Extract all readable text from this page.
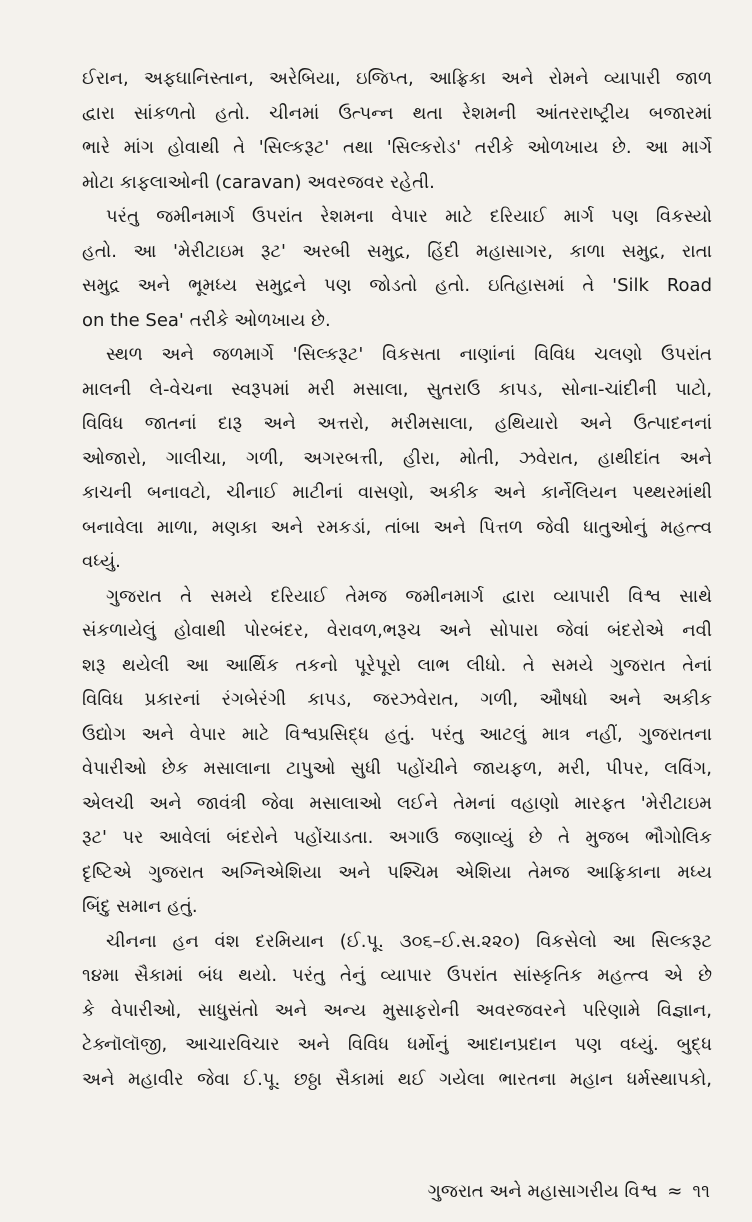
ઈરાન, અફઘાનિસ્તાન, અરેબિયા, ઇજિપ્ત, આફ્રિકા અને રોમને વ્યાપારી જાળ
દ્વારા સાંકળતો હતો. ચીનમાં ઉત્પન્ન થતા રેશમની આંતરરાષ્ટ્રીય બજારમાં
ભારે માંગ હોવાથી તે 'સિલ્કરૂટ' તથા 'સિલ્કરોડ' તરીકે ઓળખાય છે. આ માર્ગે
મોટા કાફલાઓની (caravan) અવરજવર રહેતી.
પરંતુ જમીનમાર્ગ ઉપરાંત રેશમના વેપાર માટે દરિયાઈ માર્ગ પણ વિકસ્યો
હતો. આ 'મેરીટાઇમ રૂટ' અરબી સમુદ્ર, હિંદી મહાસાગર, કાળા સમુદ્ર, રાતા
સમુદ્ર અને ભૂમધ્ય સમુદ્રને પણ જોડતો હતો. ઇતિહાસમાં તે 'Silk Road
on the Sea' તરીકે ઓળખાય છે.
સ્થળ અને જળમાર્ગે 'સિલ્કરૂટ' વિકસતા નાણાંનાં વિવિધ ચલણો ઉપરાંત
માલની લે-વેચના સ્વરૂપમાં મરી મસાલા, સુતરાઉ કાપડ, સોના-ચાંદીની પાટો,
વિવિધ જાતનાં દારૂ અને અત્તરો, મરીમસાલા, હથિયારો અને ઉત્પાદનનાં
ઓજારો, ગાલીચા, ગળી, અગરબત્તી, હીરા, મોતી, ઝવેરાત, હાથીદાંત અને
કાચની બનાવટો, ચીનાઈ માટીનાં વાસણો, અકીક અને કાર્નેલિયન પથ્થરમાંથી
બનાવેલા માળા, મણકા અને રમકડાં, તાંબા અને પિત્તળ જેવી ધાતુઓનું મહત્ત્વ
વધ્યું.
ગુજરાત તે સમયે દરિયાઈ તેમજ જમીનમાર્ગ દ્વારા વ્યાપારી વિશ્વ સાથે
સંકળાયેલું હોવાથી પોરબંદર, વેરાવળ,ભરૂચ અને સોપારા જેવાં બંદરોએ નવી
શરૂ થયેલી આ આર્થિક તકનો પૂરેપૂરો લાભ લીધો. તે સમયે ગુજરાત તેનાં
વિવિધ પ્રકારનાં રંગબેરંગી કાપડ, જરઝવેરાત, ગળી, ઔષધો અને અકીક
ઉદ્યોગ અને વેપાર માટે વિશ્વપ્રસિદ્ધ હતું. પરંતુ આટલું માત્ર નહીં, ગુજરાતના
વેપારીઓ છેક મસાલાના ટાપુઓ સુધી પહોંચીને જાયફળ, મરી, પીપર, લવિંગ,
એલચી અને જાવંત્રી જેવા મસાલાઓ લઈને તેમનાં વહાણો મારફત 'મેરીટાઇમ
રૂટ' પર આવેલાં બંદરોને પહોંચાડતા. અગાઉ જણાવ્યું છે તે મુજબ ભૌગોલિક
દૃષ્ટિએ ગુજરાત અગ્નિએશિયા અને પશ્ચિમ એશિયા તેમજ આફ્રિકાના મધ્ય
બિંદુ સમાન હતું.
ચીનના હન વંશ દરમિયાન (ઈ.પૂ. ૩૦૬–ઈ.સ.૨૨૦) વિકસેલો આ સિલ્કરૂટ
૧૪મા સૈકામાં બંધ થયો. પરંતુ તેનું વ્યાપાર ઉપરાંત સાંસ્કૃતિક મહત્ત્વ એ છે
કે વેપારીઓ, સાધુસંતો અને અન્ય મુસાફરોની અવરજવરને પરિણામે વિજ્ઞાન,
ટેક્નૉલૉજી, આચારવિચાર અને વિવિધ ધર્મોનું આદાનપ્રદાન પણ વધ્યું. બુદ્ધ
અને મહાવીર જેવા ઈ.પૂ. છઠ્ઠા સૈકામાં થઈ ગયેલા ભારતના મહાન ધર્મસ્થાપકો,
ગુજરાત અને મહાસાગરીય વિશ્વ ≈ ૧૧
